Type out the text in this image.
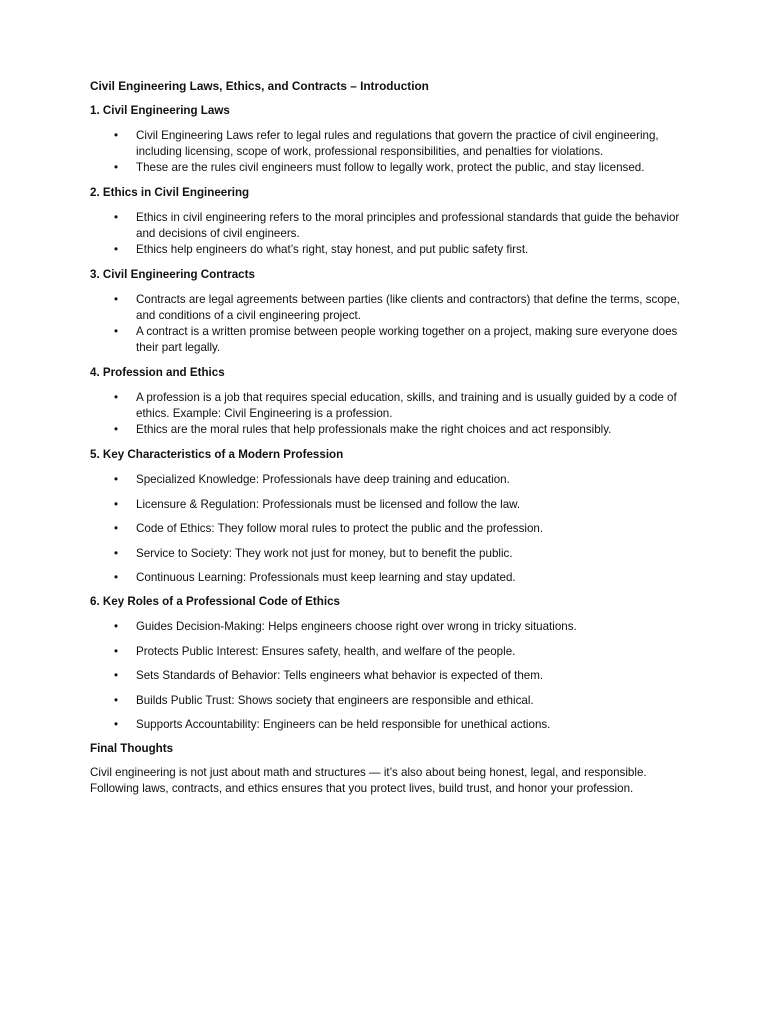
Civil Engineering Laws, Ethics, and Contracts – Introduction
1. Civil Engineering Laws
• Civil Engineering Laws refer to legal rules and regulations that govern the practice of civil engineering, including licensing, scope of work, professional responsibilities, and penalties for violations.
• These are the rules civil engineers must follow to legally work, protect the public, and stay licensed.
2. Ethics in Civil Engineering
• Ethics in civil engineering refers to the moral principles and professional standards that guide the behavior and decisions of civil engineers.
• Ethics help engineers do what’s right, stay honest, and put public safety first.
3. Civil Engineering Contracts
• Contracts are legal agreements between parties (like clients and contractors) that define the terms, scope, and conditions of a civil engineering project.
• A contract is a written promise between people working together on a project, making sure everyone does their part legally.
4. Profession and Ethics
• A profession is a job that requires special education, skills, and training and is usually guided by a code of ethics. Example: Civil Engineering is a profession.
• Ethics are the moral rules that help professionals make the right choices and act responsibly.
5. Key Characteristics of a Modern Profession
• Specialized Knowledge: Professionals have deep training and education.
• Licensure & Regulation: Professionals must be licensed and follow the law.
• Code of Ethics: They follow moral rules to protect the public and the profession.
• Service to Society: They work not just for money, but to benefit the public.
• Continuous Learning: Professionals must keep learning and stay updated.
6. Key Roles of a Professional Code of Ethics
• Guides Decision-Making: Helps engineers choose right over wrong in tricky situations.
• Protects Public Interest: Ensures safety, health, and welfare of the people.
• Sets Standards of Behavior: Tells engineers what behavior is expected of them.
• Builds Public Trust: Shows society that engineers are responsible and ethical.
• Supports Accountability: Engineers can be held responsible for unethical actions.
Final Thoughts

Civil engineering is not just about math and structures — it’s also about being honest, legal, and responsible. Following laws, contracts, and ethics ensures that you protect lives, build trust, and honor your profession.
